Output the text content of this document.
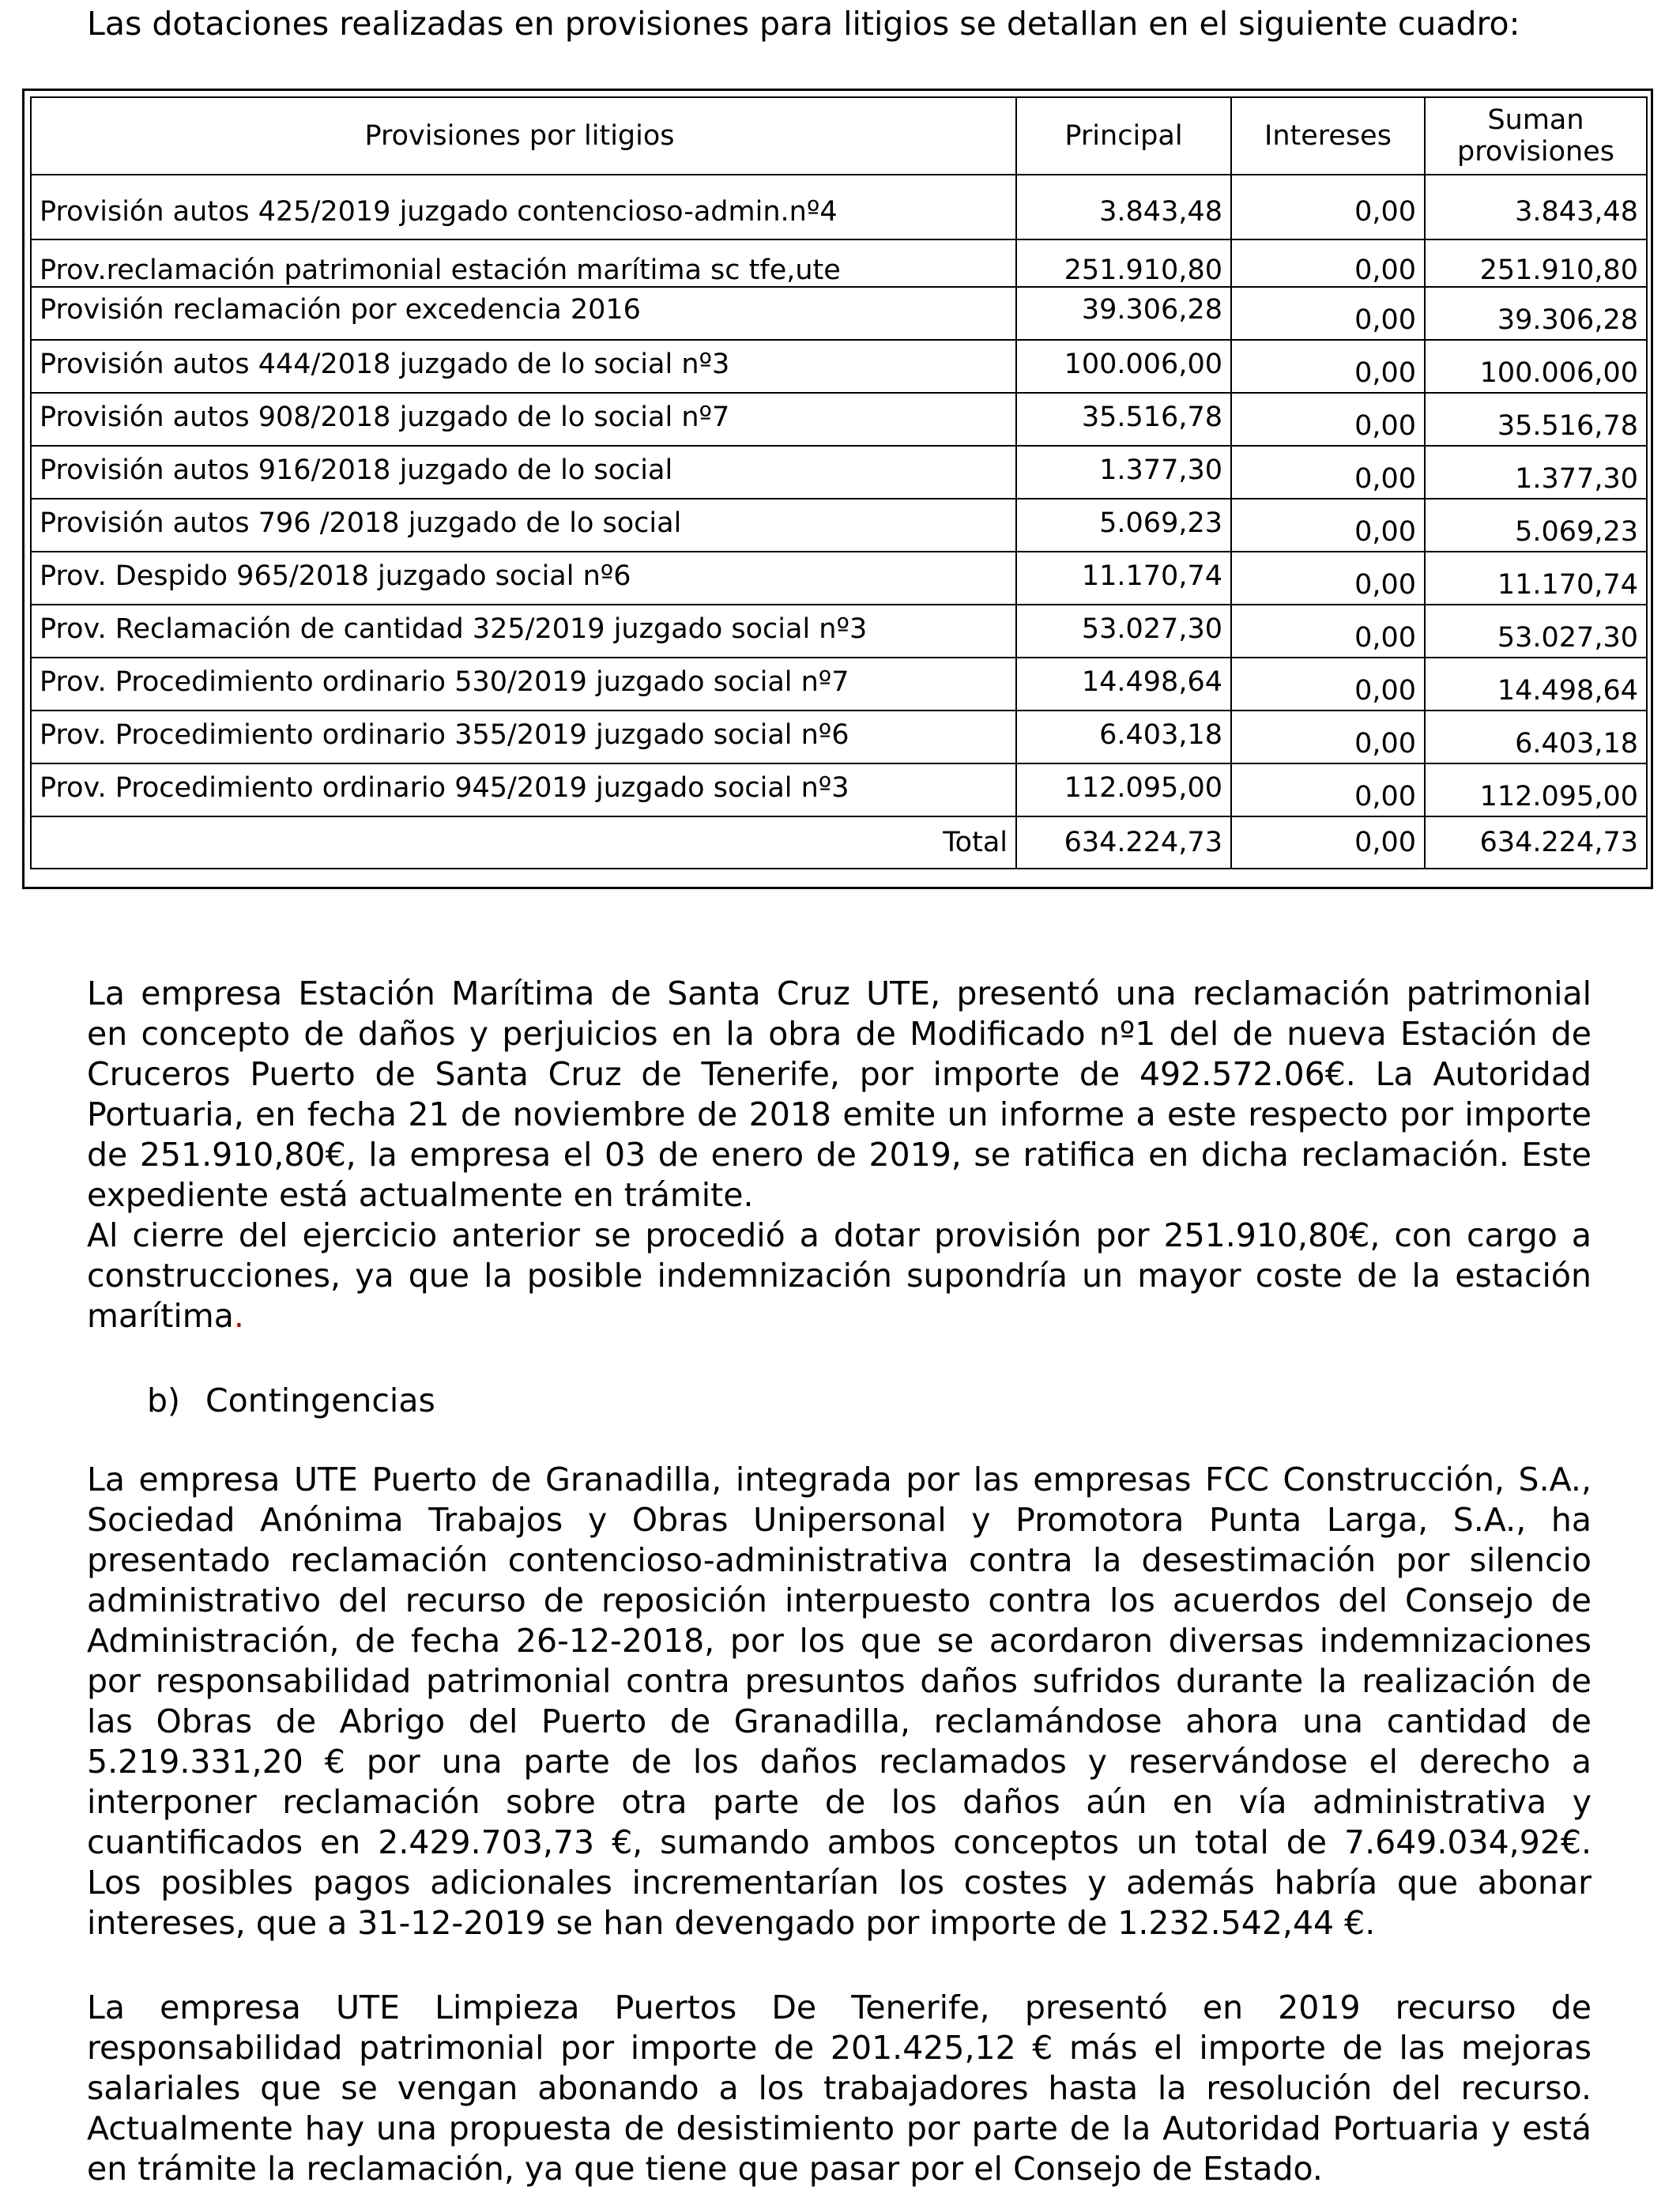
Las dotaciones realizadas en provisiones para litigios se detallan en el siguiente cuadro:
Provisiones por litigios	Principal	Intereses	Suman
provisiones
Provisión autos 425/2019 juzgado contencioso-admin.nº4	3.843,48	0,00	3.843,48
Prov.reclamación patrimonial estación marítima sc tfe,ute	251.910,80	0,00	251.910,80
Provisión reclamación por excedencia 2016	39.306,28	0,00	39.306,28
Provisión autos 444/2018 juzgado de lo social nº3	100.006,00	0,00	100.006,00
Provisión autos 908/2018 juzgado de lo social nº7	35.516,78	0,00	35.516,78
Provisión autos 916/2018 juzgado de lo social	1.377,30	0,00	1.377,30
Provisión autos 796 /2018 juzgado de lo social	5.069,23	0,00	5.069,23
Prov. Despido 965/2018 juzgado social nº6	11.170,74	0,00	11.170,74
Prov. Reclamación de cantidad 325/2019 juzgado social nº3	53.027,30	0,00	53.027,30
Prov. Procedimiento ordinario 530/2019 juzgado social nº7	14.498,64	0,00	14.498,64
Prov. Procedimiento ordinario 355/2019 juzgado social nº6	6.403,18	0,00	6.403,18
Prov. Procedimiento ordinario 945/2019 juzgado social nº3	112.095,00	0,00	112.095,00
Total	634.224,73	0,00	634.224,73
La empresa Estación Marítima de Santa Cruz UTE, presentó una reclamación patrimonial
en concepto de daños y perjuicios en la obra de Modificado nº1 del de nueva Estación de
Cruceros Puerto de Santa Cruz de Tenerife, por importe de 492.572.06€. La Autoridad
Portuaria, en fecha 21 de noviembre de 2018 emite un informe a este respecto por importe
de 251.910,80€, la empresa el 03 de enero de 2019, se ratifica en dicha reclamación. Este
expediente está actualmente en trámite.
Al cierre del ejercicio anterior se procedió a dotar provisión por 251.910,80€, con cargo a
construcciones, ya que la posible indemnización supondría un mayor coste de la estación
marítima.
b) Contingencias
La empresa UTE Puerto de Granadilla, integrada por las empresas FCC Construcción, S.A.,
Sociedad Anónima Trabajos y Obras Unipersonal y Promotora Punta Larga, S.A., ha
presentado reclamación contencioso-administrativa contra la desestimación por silencio
administrativo del recurso de reposición interpuesto contra los acuerdos del Consejo de
Administración, de fecha 26-12-2018, por los que se acordaron diversas indemnizaciones
por responsabilidad patrimonial contra presuntos daños sufridos durante la realización de
las Obras de Abrigo del Puerto de Granadilla, reclamándose ahora una cantidad de
5.219.331,20 € por una parte de los daños reclamados y reservándose el derecho a
interponer reclamación sobre otra parte de los daños aún en vía administrativa y
cuantificados en 2.429.703,73 €, sumando ambos conceptos un total de 7.649.034,92€.
Los posibles pagos adicionales incrementarían los costes y además habría que abonar
intereses, que a 31-12-2019 se han devengado por importe de 1.232.542,44 €.
La empresa UTE Limpieza Puertos De Tenerife, presentó en 2019 recurso de
responsabilidad patrimonial por importe de 201.425,12 € más el importe de las mejoras
salariales que se vengan abonando a los trabajadores hasta la resolución del recurso.
Actualmente hay una propuesta de desistimiento por parte de la Autoridad Portuaria y está
en trámite la reclamación, ya que tiene que pasar por el Consejo de Estado.
